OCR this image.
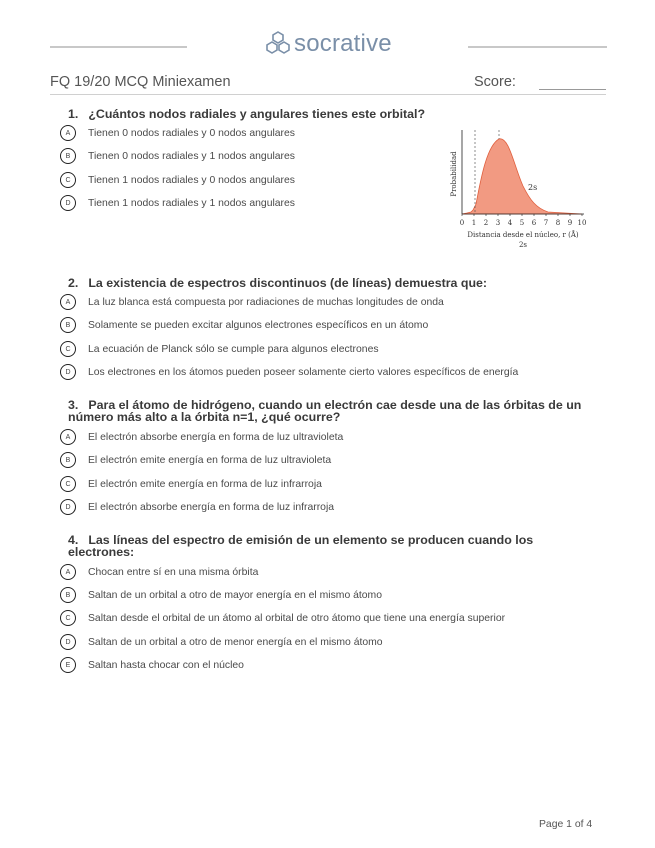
socrative
FQ 19/20 MCQ Miniexamen	Score:
1. ¿Cuántos nodos radiales y angulares tienes este orbital?
A	Tienen 0 nodos radiales y 0 nodos angulares
B	Tienen 0 nodos radiales y 1 nodos angulares
C	Tienen 1 nodos radiales y 0 nodos angulares
D	Tienen 1 nodos radiales y 1 nodos angulares
Probabilidad	2s
0 1 2 3 4 5 6 7 8 9 10
Distancia desde el núcleo, r (Å)
2s
2. La existencia de espectros discontinuos (de líneas) demuestra que:
A	La luz blanca está compuesta por radiaciones de muchas longitudes de onda
B	Solamente se pueden excitar algunos electrones específicos en un átomo
C	La ecuación de Planck sólo se cumple para algunos electrones
D	Los electrones en los átomos pueden poseer solamente cierto valores específicos de energía
3. Para el átomo de hidrógeno, cuando un electrón cae desde una de las órbitas de un número más alto a la órbita n=1, ¿qué ocurre?
A	El electrón absorbe energía en forma de luz ultravioleta
B	El electrón emite energía en forma de luz ultravioleta
C	El electrón emite energía en forma de luz infrarroja
D	El electrón absorbe energía en forma de luz infrarroja
4. Las líneas del espectro de emisión de un elemento se producen cuando los electrones:
A	Chocan entre sí en una misma órbita
B	Saltan de un orbital a otro de mayor energía en el mismo átomo
C	Saltan desde el orbital de un átomo al orbital de otro átomo que tiene una energía superior
D	Saltan de un orbital a otro de menor energía en el mismo átomo
E	Saltan hasta chocar con el núcleo
Page 1 of 4
